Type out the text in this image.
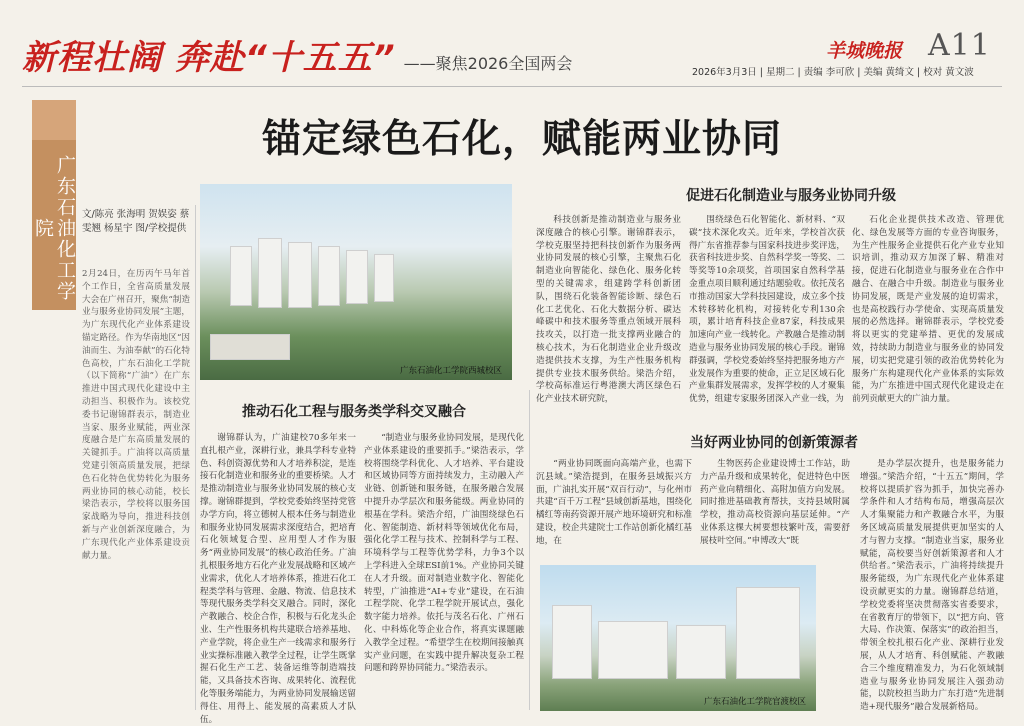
新程壮阔 奔赴“十五五” ——聚焦2026全国两会
羊城晚报 A11
2026年3月3日 | 星期二 | 责编 李可欣 | 美编 黄绮文 | 校对 黄文波
锚定绿色石化，赋能两业协同
广东石油化工学院
文/陈亮 张海明 贺娱姿 蔡雯翘 杨星宇 图/学校提供
2月24日，在历丙午马年首个工作日，全省高质量发展大会在广州召开，聚焦“制造业与服务业协同发展”主题，为广东现代化产业体系建设锚定路径。作为华南地区“因油而生、为油奉献”的石化特色高校，广东石油化工学院（以下简称“广油”）在广东推进中国式现代化建设中主动担当、积极作为。该校党委书记谢锦群表示，制造业当家、服务业赋能，两业深度融合是广东高质量发展的关键抓手。广油将以高质量党建引领高质量发展，把绿色石化特色优势转化为服务两业协同的核心动能，校长梁浩表示，学校将以服务国家战略为导向，推进科技创新与产业创新深度融合，为广东现代化产业体系建设贡献力量。
广东石油化工学院西城校区
广东石油化工学院官渡校区
促进石化制造业与服务业协同升级
推动石化工程与服务类学科交叉融合
当好两业协同的创新策源者

科技创新是推动制造业与服务业深度融合的核心引擎。谢锦群表示，学校克服坚持把科技创新作为服务两业协同发展的核心引擎，主聚焦石化制造业向智能化、绿色化、服务化转型的关键需求，组建跨学科创新团队，围绕石化装备智能诊断、绿色石化工艺优化、石化大数据分析、碳达峰碳中和技术服务等重点领域开展科技攻关，以打造一批支撑两业融合的核心技术，为石化制造业企业升级改造提供技术支撑，为生产性服务机构提供专业技术服务供给。梁浩介绍，学校高标准运行粤港澳大湾区绿色石化产业技术研究院，

围绕绿色石化智能化、新材料、“双碳”技术深化攻关。近年来，学校首次获得广东省推荐参与国家科技进步奖评选，获省科技进步奖、自然科学奖一等奖、二等奖等10余项奖，首项国家自然科学基金重点项目顺利通过结题验收。依托茂名市推动国家大学科技园建设，成立多个技术转移转化机构，对接转化专利130余项，累计培育科技企业87家，科技成果加速向产业一线转化。产教融合是推动制造业与服务业协同发展的核心手段。谢锦群强调，学校党委始终坚持把服务地方产业发展作为重要的使命，正立足区域石化产业集群发展需求，发挥学校的人才聚集优势，组建专家服务团深入产业一线，为

石化企业提供技术改造、管理优化、绿色发展等方面的专业咨询服务，为生产性服务企业提供石化产业专业知识培训，推动双方加深了解、精准对接，促进石化制造业与服务业在合作中融合、在融合中升级。制造业与服务业协同发展，既是产业发展的迫切需求，也是高校践行办学使命、实现高质量发展的必然选择。谢锦群表示，学校党委将以更实的党建举措、更优的发展成效，持续助力制造业与服务业的协同发展，切实把党建引领的政治优势转化为服务广东构建现代化产业体系的实际效能，为广东推进中国式现代化建设走在前列贡献更大的广油力量。

谢锦群认为，广油建校70多年来一直扎根产业，深耕行业，兼具学科专业特色、科创资源优势和人才培养积淀，是连接石化制造业和服务业的重要桥梁。人才是推动制造业与服务业协同发展的核心支撑。谢锦群提到，学校党委始终坚持党管办学方向，将立德树人根本任务与制造业和服务业协同发展需求深度结合，把培育石化领域复合型、应用型人才作为服务“两业协同发展”的核心政治任务。广油扎根服务地方石化产业发展战略和区域产业需求，优化人才培养体系，推进石化工程类学科与管理、金融、物流、信息技术等现代服务类学科交叉融合。同时，深化产教融合、校企合作，积极与石化龙头企业、生产性服务机构共建联合培养基地、产业学院，将企业生产一线需求和服务行业实操标准融入教学全过程，让学生既掌握石化生产工艺、装备运维等制造端技能，又具备技术咨询、成果转化、流程优化等服务端能力，为两业协同发展输送留得住、用得上、能发展的高素质人才队伍。

“制造业与服务业协同发展，是现代化产业体系建设的重要抓手。”梁浩表示，学校将围绕学科优化、人才培养、平台建设和区域协同等方面持续发力，主动融入产业链、创新链和服务链，在服务融合发展中提升办学层次和服务能级。两业协同的根基在学科。梁浩介绍，广油围绕绿色石化、智能制造、新材料等领域优化布局，强化化学工程与技术、控制科学与工程、环境科学与工程等优势学科，力争3个以上学科进入全球ESI前1%。产业协同关键在人才升级。面对制造业数字化、智能化转型，广油推进“AI+专业”建设，在石油工程学院、化学工程学院开展试点，强化数字能力培养。依托与茂名石化、广州石化、中科炼化等企业合作，将真实课题融入教学全过程。“希望学生在校期间接触真实产业问题，在实践中提升解决复杂工程问题和跨界协同能力。”梁浩表示。

“两业协同既面向高端产业，也需下沉县域。”梁浩提到，在服务县域振兴方面，广油扎实开展“双百行动”，与化州市共建“百千万工程”县域创新基地，围绕化橘红等南药资源开展产地环境研究和标准建设，校企共建院士工作站创新化橘红基地，在

生物医药企业建设博士工作站，助力产品升级和成果转化，促进特色中医药产业向精细化、高附加值方向发展。同时推进基础教育帮扶，支持县域附属学校，推动高校资源向基层延伸。“产业体系这棵大树要想枝繁叶茂，需要舒展枝叶空间。”申博改大“既

是办学层次提升，也是服务能力增强。”梁浩介绍，“十五五”期间，学校将以提质扩容为抓手，加快完善办学条件和人才结构布局，增强高层次人才集聚能力和产教融合水平，为服务区域高质量发展提供更加坚实的人才与智力支撑。“制造业当家，服务业赋能，高校要当好创新策源者和人才供给者。”梁浩表示，广油将持续提升服务能级，为广东现代化产业体系建设贡献更实的力量。谢锦群总结道，学校党委将坚决贯彻落实省委要求，在省教育厅的带领下，以“把方向、管大局、作决策、保落实”的政治担当，带领全校扎根石化产业、深耕行业发展，从人才培育、科创赋能、产教融合三个维度精准发力，为石化领域制造业与服务业协同发展注入强劲动能，以院校担当助力广东打造“先进制造+现代服务”融合发展新格局。
